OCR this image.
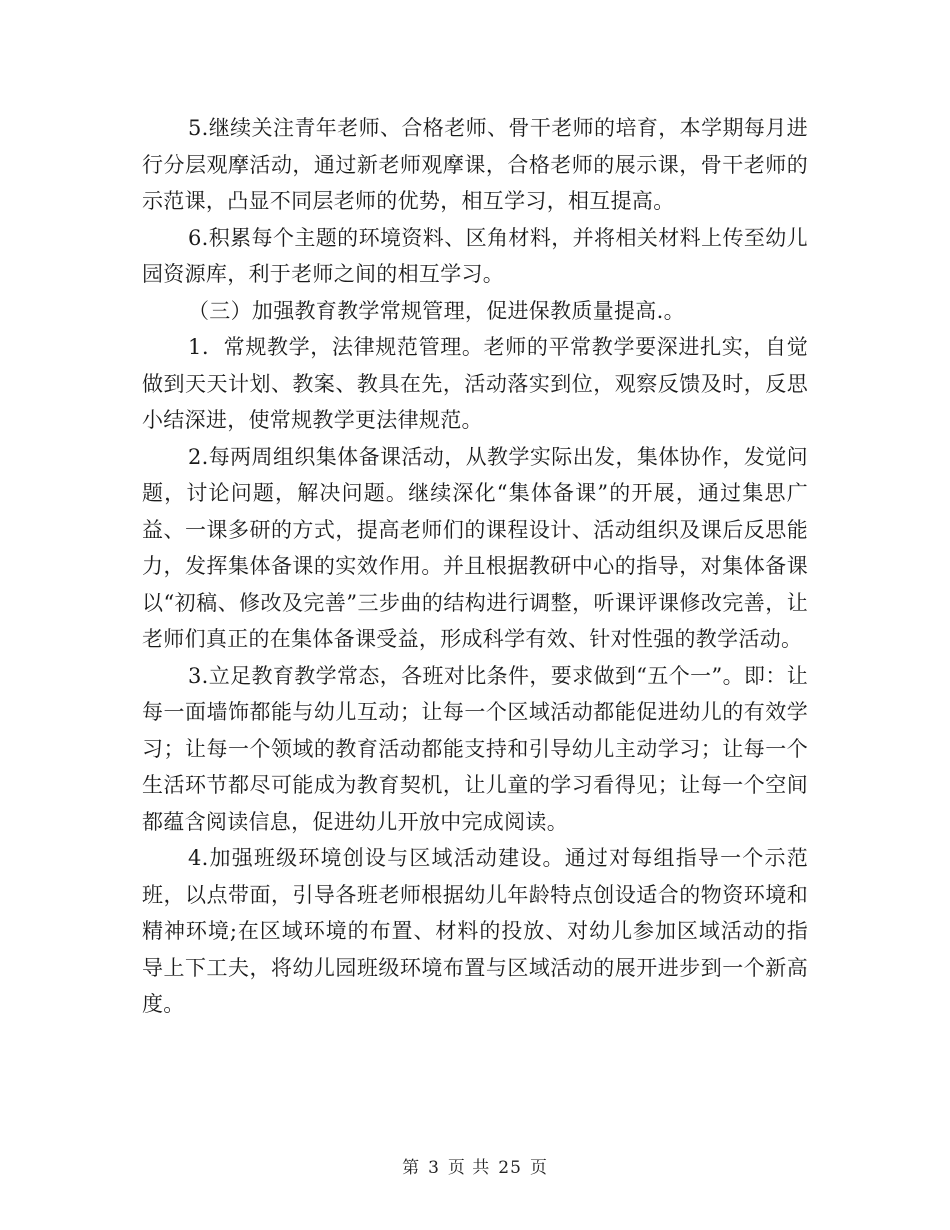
5.继续关注青年老师、合格老师、骨干老师的培育，本学期每月进行分层观摩活动，通过新老师观摩课，合格老师的展示课，骨干老师的示范课，凸显不同层老师的优势，相互学习，相互提高。

6.积累每个主题的环境资料、区角材料，并将相关材料上传至幼儿园资源库，利于老师之间的相互学习。

（三）加强教育教学常规管理，促进保教质量提高.。

1．常规教学，法律规范管理。老师的平常教学要深进扎实，自觉做到天天计划、教案、教具在先，活动落实到位，观察反馈及时，反思小结深进，使常规教学更法律规范。

2.每两周组织集体备课活动，从教学实际出发，集体协作，发觉问题，讨论问题，解决问题。继续深化“集体备课”的开展，通过集思广益、一课多研的方式，提高老师们的课程设计、活动组织及课后反思能力，发挥集体备课的实效作用。并且根据教研中心的指导，对集体备课以“初稿、修改及完善”三步曲的结构进行调整，听课评课修改完善，让老师们真正的在集体备课受益，形成科学有效、针对性强的教学活动。

3.立足教育教学常态，各班对比条件，要求做到“五个一”。即：让每一面墙饰都能与幼儿互动；让每一个区域活动都能促进幼儿的有效学习；让每一个领域的教育活动都能支持和引导幼儿主动学习；让每一个生活环节都尽可能成为教育契机，让儿童的学习看得见；让每一个空间都蕴含阅读信息，促进幼儿开放中完成阅读。

4.加强班级环境创设与区域活动建设。通过对每组指导一个示范班，以点带面，引导各班老师根据幼儿年龄特点创设适合的物资环境和精神环境;在区域环境的布置、材料的投放、对幼儿参加区域活动的指导上下工夫，将幼儿园班级环境布置与区域活动的展开进步到一个新高度。

第 3 页 共 25 页
